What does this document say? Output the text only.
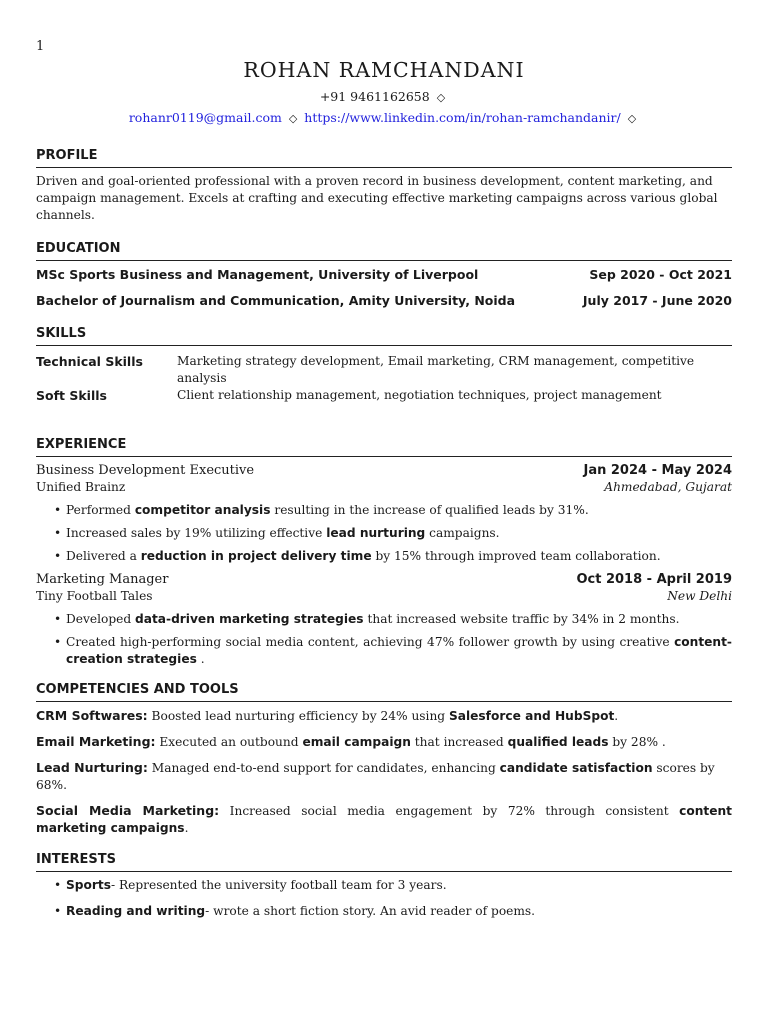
1
ROHAN RAMCHANDANI
+91 9461162658 ◇
rohanr0119@gmail.com ◇ https://www.linkedin.com/in/rohan-ramchandanir/ ◇
PROFILE
Driven and goal-oriented professional with a proven record in business development, content marketing, and campaign management. Excels at crafting and executing effective marketing campaigns across various global channels.
EDUCATION
MSc Sports Business and Management, University of Liverpool	Sep 2020 - Oct 2021
Bachelor of Journalism and Communication, Amity University, Noida	July 2017 - June 2020
SKILLS
Technical Skills	Marketing strategy development, Email marketing, CRM management, competitive analysis
Soft Skills	Client relationship management, negotiation techniques, project management
EXPERIENCE
Business Development Executive	Jan 2024 - May 2024
Unified Brainz	Ahmedabad, Gujarat
• Performed competitor analysis resulting in the increase of qualified leads by 31%.
• Increased sales by 19% utilizing effective lead nurturing campaigns.
• Delivered a reduction in project delivery time by 15% through improved team collaboration.
Marketing Manager	Oct 2018 - April 2019
Tiny Football Tales	New Delhi
• Developed data-driven marketing strategies that increased website traffic by 34% in 2 months.
• Created high-performing social media content, achieving 47% follower growth by using creative content-creation strategies .
COMPETENCIES AND TOOLS
CRM Softwares: Boosted lead nurturing efficiency by 24% using Salesforce and HubSpot.
Email Marketing: Executed an outbound email campaign that increased qualified leads by 28% .
Lead Nurturing: Managed end-to-end support for candidates, enhancing candidate satisfaction scores by 68%.
Social Media Marketing: Increased social media engagement by 72% through consistent content marketing campaigns.
INTERESTS
• Sports- Represented the university football team for 3 years.
• Reading and writing- wrote a short fiction story. An avid reader of poems.
